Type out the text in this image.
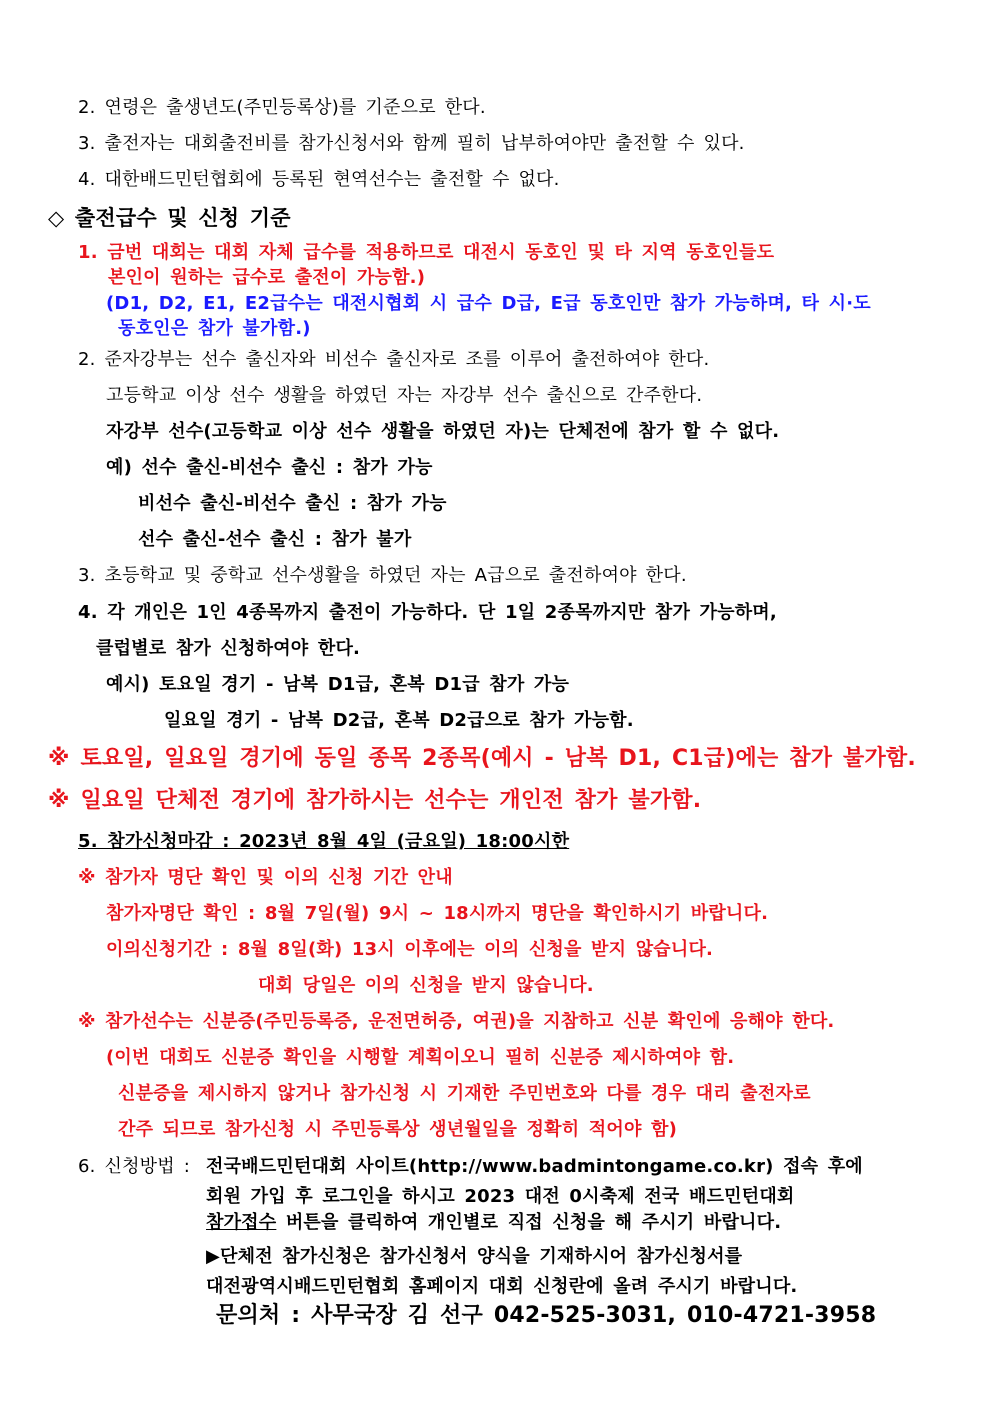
2. 연령은 출생년도(주민등록상)를 기준으로 한다.
3. 출전자는 대회출전비를 참가신청서와 함께 필히 납부하여야만 출전할 수 있다.
4. 대한배드민턴협회에 등록된 현역선수는 출전할 수 없다.
◇ 출전급수 및 신청 기준
1. 금번 대회는 대회 자체 급수를 적용하므로 대전시 동호인 및 타 지역 동호인들도
본인이 원하는 급수로 출전이 가능함.)
(D1, D2, E1, E2급수는 대전시협회 시 급수 D급, E급 동호인만 참가 가능하며, 타 시·도
동호인은 참가 불가함.)
2. 준자강부는 선수 출신자와 비선수 출신자로 조를 이루어 출전하여야 한다.
고등학교 이상 선수 생활을 하였던 자는 자강부 선수 출신으로 간주한다.
자강부 선수(고등학교 이상 선수 생활을 하였던 자)는 단체전에 참가 할 수 없다.
예) 선수 출신-비선수 출신 : 참가 가능
비선수 출신-비선수 출신 : 참가 가능
선수 출신-선수 출신 : 참가 불가
3. 초등학교 및 중학교 선수생활을 하였던 자는 A급으로 출전하여야 한다.
4. 각 개인은 1인 4종목까지 출전이 가능하다. 단 1일 2종목까지만 참가 가능하며,
클럽별로 참가 신청하여야 한다.
예시) 토요일 경기 - 남복 D1급, 혼복 D1급 참가 가능
일요일 경기 - 남복 D2급, 혼복 D2급으로 참가 가능함.
※ 토요일, 일요일 경기에 동일 종목 2종목(예시 - 남복 D1, C1급)에는 참가 불가함.
※ 일요일 단체전 경기에 참가하시는 선수는 개인전 참가 불가함.
5. 참가신청마감 : 2023년 8월 4일 (금요일) 18:00시한
※ 참가자 명단 확인 및 이의 신청 기간 안내
참가자명단 확인 : 8월 7일(월) 9시 ~ 18시까지 명단을 확인하시기 바랍니다.
이의신청기간 : 8월 8일(화) 13시 이후에는 이의 신청을 받지 않습니다.
대회 당일은 이의 신청을 받지 않습니다.
※ 참가선수는 신분증(주민등록증, 운전면허증, 여권)을 지참하고 신분 확인에 응해야 한다.
(이번 대회도 신분증 확인을 시행할 계획이오니 필히 신분증 제시하여야 함.
신분증을 제시하지 않거나 참가신청 시 기재한 주민번호와 다를 경우 대리 출전자로
간주 되므로 참가신청 시 주민등록상 생년월일을 정확히 적어야 함)
6. 신청방법 : 전국배드민턴대회 사이트(http://www.badmintongame.co.kr) 접속 후에
회원 가입 후 로그인을 하시고 2023 대전 0시축제 전국 배드민턴대회
참가접수 버튼을 클릭하여 개인별로 직접 신청을 해 주시기 바랍니다.
▶단체전 참가신청은 참가신청서 양식을 기재하시어 참가신청서를
대전광역시배드민턴협회 홈페이지 대회 신청란에 올려 주시기 바랍니다.
문의처 : 사무국장 김 선구 042-525-3031, 010-4721-3958
